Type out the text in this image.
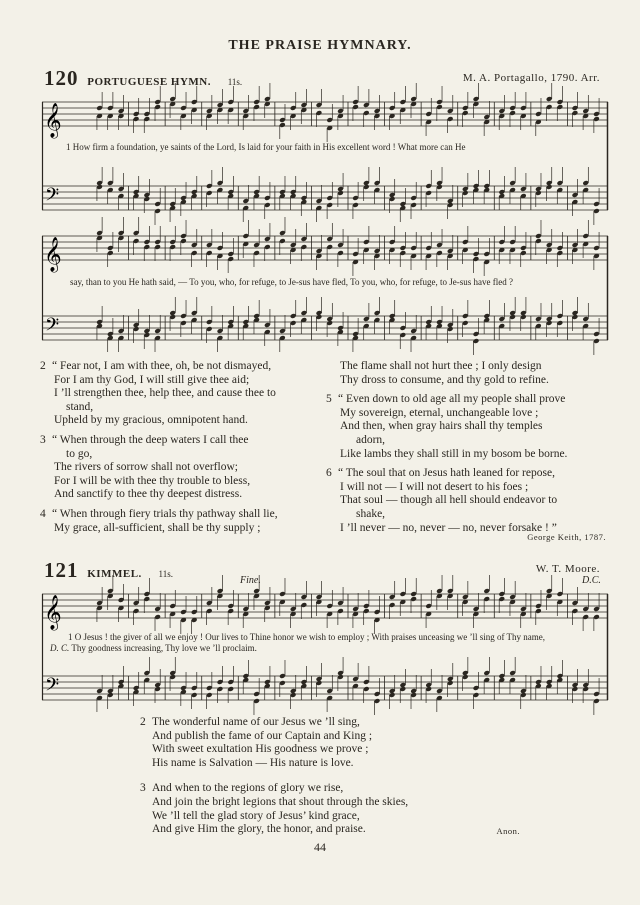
THE PRAISE HYMNARY.
120 PORTUGUESE HYMN. 11s.	M. A. Portagallo, 1790. Arr.
𝄞
𝄢
1 How firm a foundation, ye saints of the Lord, Is laid for your faith in His excellent word ! What more can He
𝄞
𝄢
say, than to you He hath said, — To you, who, for refuge, to Je-sus have fled, To you, who, for refuge, to Je-sus have fled ?
2 “ Fear not, I am with thee, oh, be not dismayed,
For I am thy God, I will still give thee aid;
I ’ll strengthen thee, help thee, and cause thee to
stand,
Upheld by my gracious, omnipotent hand.
3 “ When through the deep waters I call thee
to go,
The rivers of sorrow shall not overflow;
For I will be with thee thy trouble to bless,
And sanctify to thee thy deepest distress.
4 “ When through fiery trials thy pathway shall lie,
My grace, all-sufficient, shall be thy supply ;
The flame shall not hurt thee ; I only design
Thy dross to consume, and thy gold to refine.
5 “ Even down to old age all my people shall prove
My sovereign, eternal, unchangeable love ;
And then, when gray hairs shall thy temples
adorn,
Like lambs they shall still in my bosom be borne.
6 “ The soul that on Jesus hath leaned for repose,
I will not — I will not desert to his foes ;
That soul — though all hell should endeavor to
shake,
I ’ll never — no, never — no, never forsake ! ”
George Keith, 1787.
121 KIMMEL. 11s.	W. T. Moore.
Fine.	D.C.
𝄞
𝄢
1 O Jesus ! the giver of all we enjoy ! Our lives to Thine honor we wish to employ ; With praises unceasing we ’ll sing of Thy name,
D. C. Thy goodness increasing, Thy love we ’ll proclaim.
2 The wonderful name of our Jesus we ’ll sing,
And publish the fame of our Captain and King ;
With sweet exultation His goodness we prove ;
His name is Salvation — His nature is love.
3 And when to the regions of glory we rise,
And join the bright legions that shout through the skies,
We ’ll tell the glad story of Jesus’ kind grace,
And give Him the glory, the honor, and praise.	Anon.
44
